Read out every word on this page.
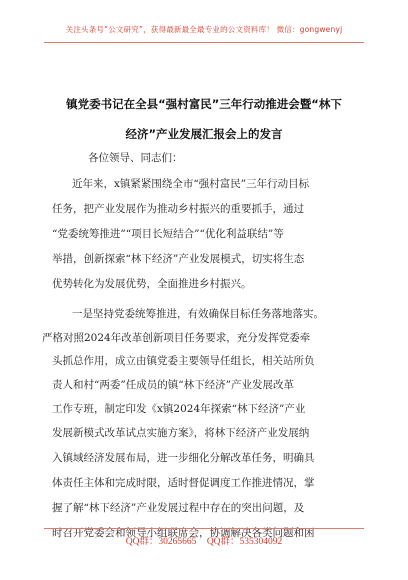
关注头条号“公文研究”，获得最新最全最专业的公文资料库！ 微信：gongwenyj
镇党委书记在全县“强村富民”三年行动推进会暨“林下
经济”产业发展汇报会上的发言
各位领导、同志们：
近年来，x镇紧紧围绕全市“强村富民”三年行动目标
任务，把产业发展作为推动乡村振兴的重要抓手，通过
“党委统筹推进”“项目长短结合”“优化利益联结”等
举措，创新探索“林下经济”产业发展模式，切实将生态
优势转化为发展优势，全面推进乡村振兴。
一是坚持党委统筹推进，有效确保目标任务落地落实。
严格对照2024年改革创新项目任务要求，充分发挥党委牵
头抓总作用，成立由镇党委主要领导任组长，相关站所负
责人和村“两委”任成员的镇“林下经济”产业发展改革
工作专班，制定印发《x镇2024年探索“林下经济”产业
发展新模式改革试点实施方案》，将林下经济产业发展纳
入镇域经济发展布局，进一步细化分解改革任务，明确具
体责任主体和完成时限，适时督促调度工作推进情况，掌
握了解“林下经济”产业发展过程中存在的突出问题，及
时召开党委会和领导小组联席会，协调解决各类问题和困
QQ群：30265665 QQ群：535304092
